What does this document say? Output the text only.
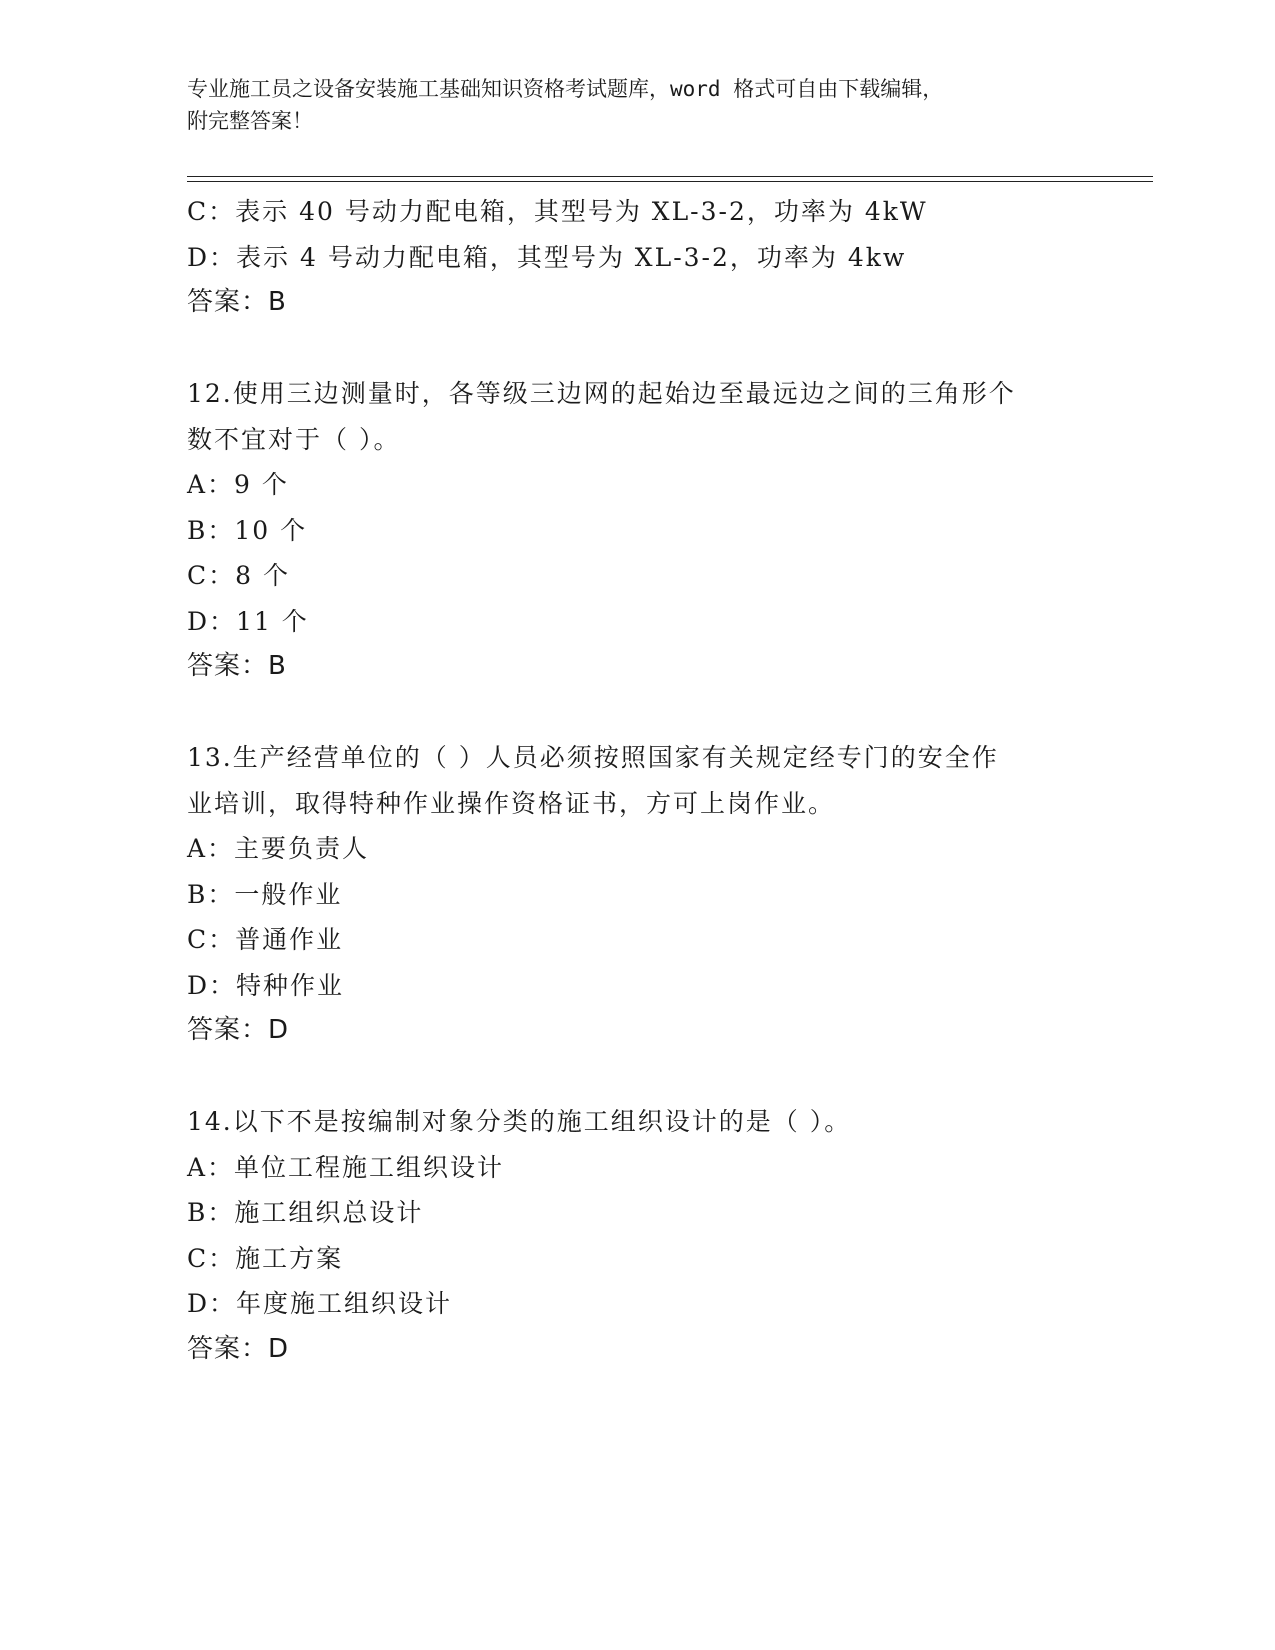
专业施工员之设备安装施工基础知识资格考试题库，word 格式可自由下载编辑，
附完整答案！
C：表示 40 号动力配电箱，其型号为 XL-3-2，功率为 4kW
D：表示 4 号动力配电箱，其型号为 XL-3-2，功率为 4kw
答案：B
12.使用三边测量时，各等级三边网的起始边至最远边之间的三角形个
数不宜对于（ ）。
A：9 个
B：10 个
C：8 个
D：11 个
答案：B
13.生产经营单位的（ ）人员必须按照国家有关规定经专门的安全作
业培训，取得特种作业操作资格证书，方可上岗作业。
A：主要负责人
B：一般作业
C：普通作业
D：特种作业
答案：D
14.以下不是按编制对象分类的施工组织设计的是（ ）。
A：单位工程施工组织设计
B：施工组织总设计
C：施工方案
D：年度施工组织设计
答案：D
